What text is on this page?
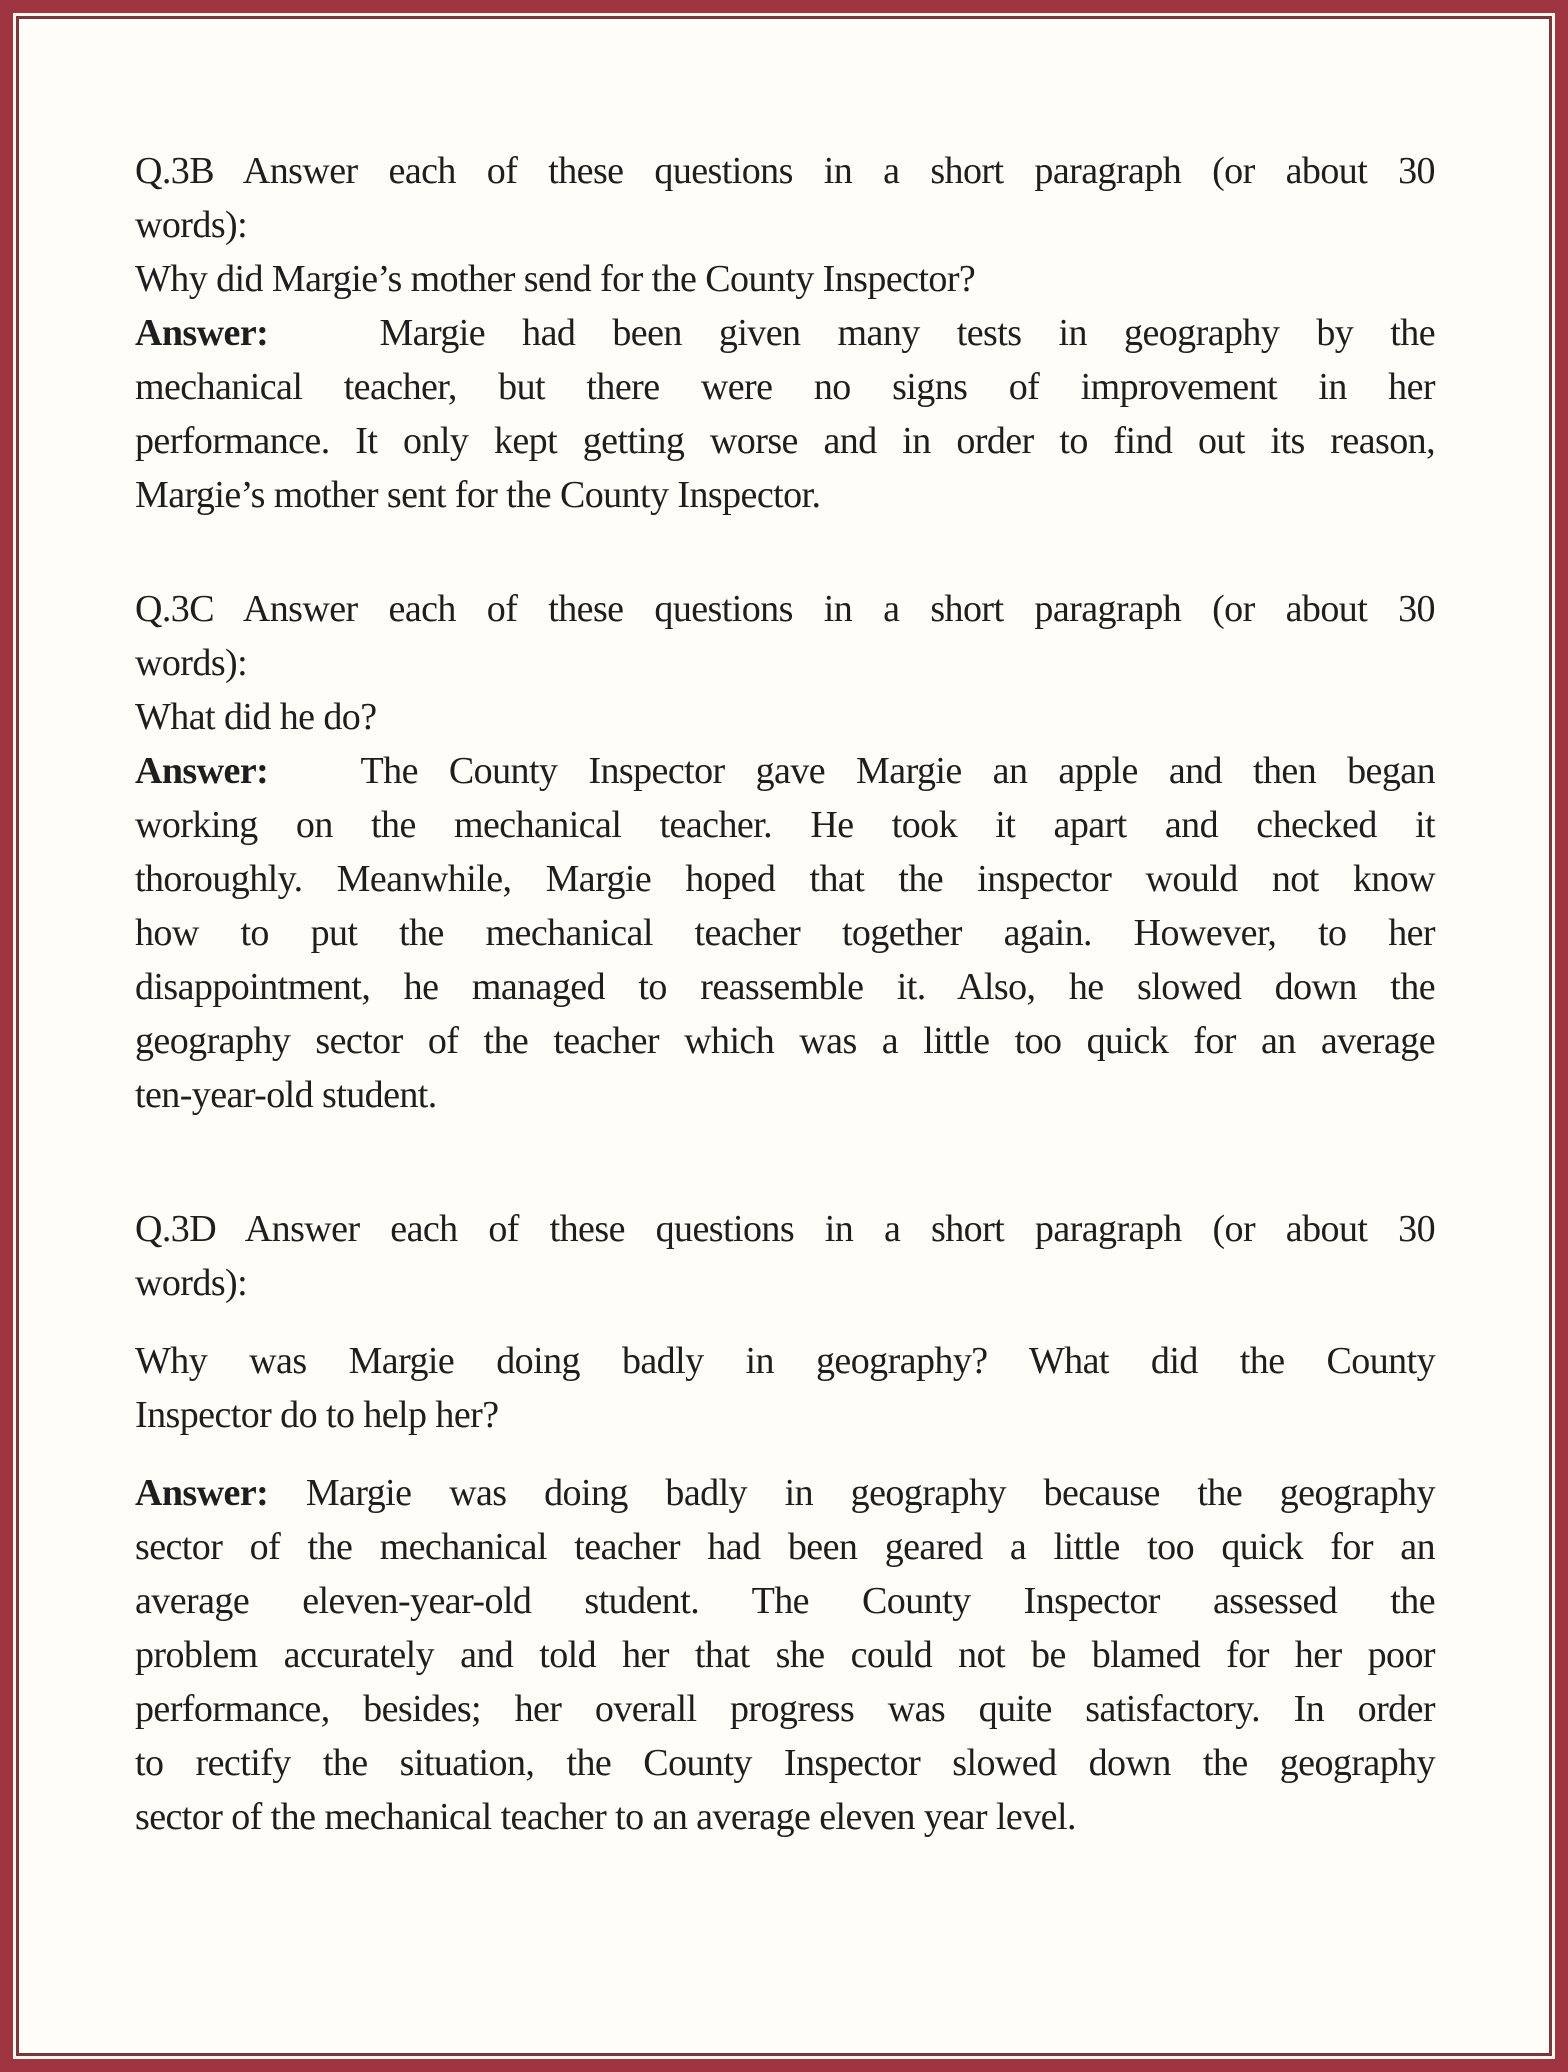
Q.3B Answer each of these questions in a short paragraph (or about 30
words):
Why did Margie’s mother send for the County Inspector?
Answer:	Margie had been given many tests in geography by the
mechanical teacher, but there were no signs of improvement in her
performance. It only kept getting worse and in order to find out its reason,
Margie’s mother sent for the County Inspector.
Q.3C Answer each of these questions in a short paragraph (or about 30
words):
What did he do?
Answer: The County Inspector gave Margie an apple and then began
working on the mechanical teacher. He took it apart and checked it
thoroughly. Meanwhile, Margie hoped that the inspector would not know
how to put the mechanical teacher together again. However, to her
disappointment, he managed to reassemble it. Also, he slowed down the
geography sector of the teacher which was a little too quick for an average
ten-year-old student.
Q.3D Answer each of these questions in a short paragraph (or about 30
words):
Why was Margie doing badly in geography? What did the County
Inspector do to help her?
Answer: Margie was doing badly in geography because the geography
sector of the mechanical teacher had been geared a little too quick for an
average eleven-year-old student. The County Inspector assessed the
problem accurately and told her that she could not be blamed for her poor
performance, besides; her overall progress was quite satisfactory. In order
to rectify the situation, the County Inspector slowed down the geography
sector of the mechanical teacher to an average eleven year level.
